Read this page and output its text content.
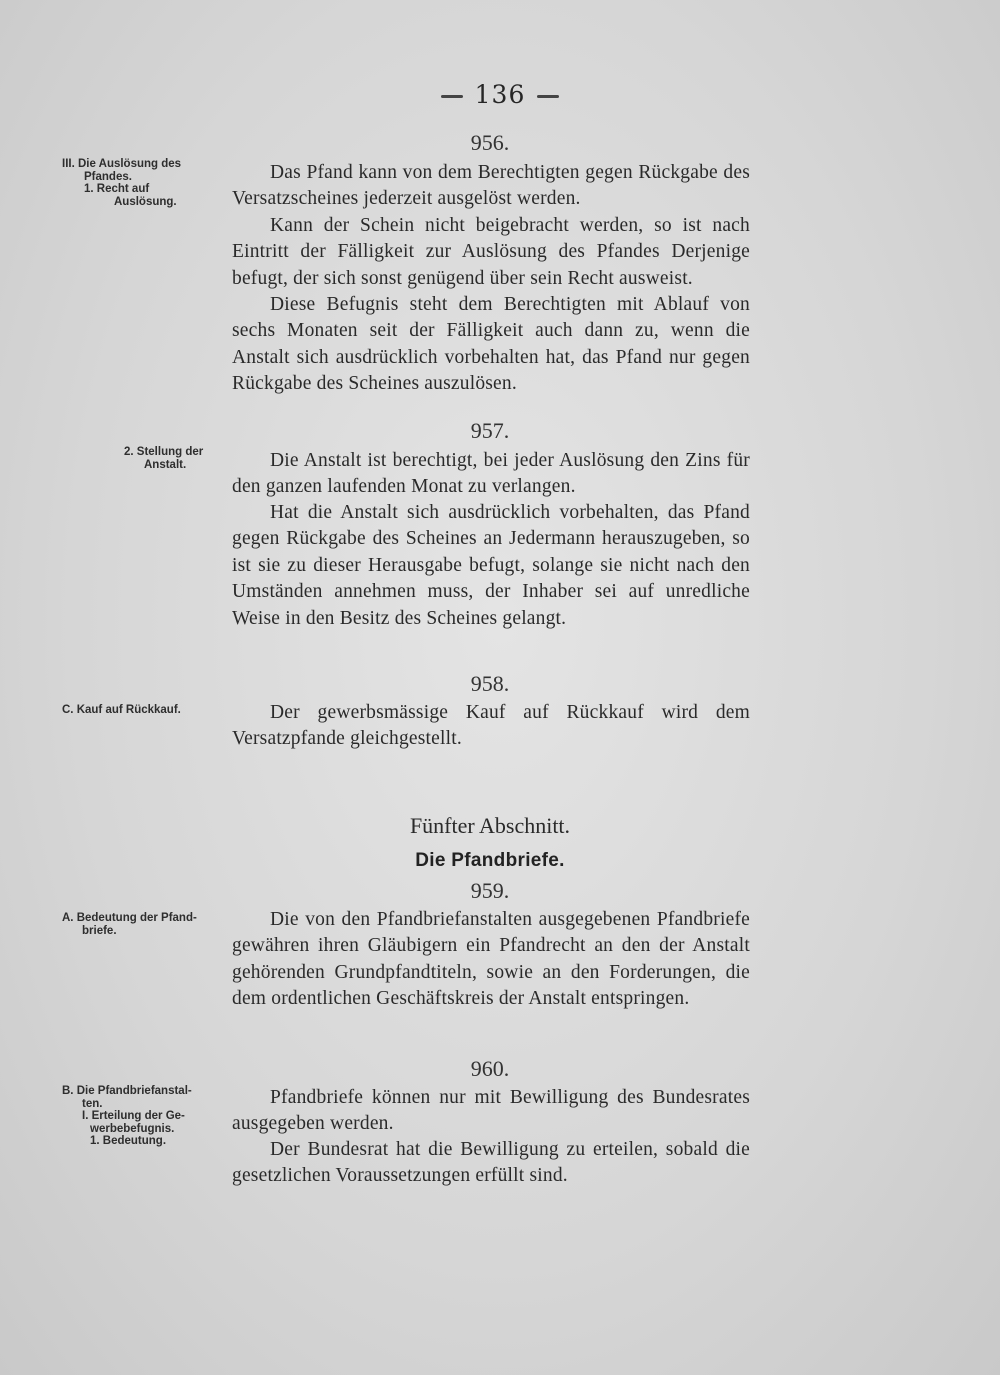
136
956.
III. Die Auslösung des
Pfandes.
1. Recht auf
Auslösung.
Das Pfand kann von dem Berechtigten gegen Rückgabe des Versatzscheines jederzeit ausgelöst werden.
Kann der Schein nicht beigebracht werden, so ist nach Eintritt der Fälligkeit zur Auslösung des Pfandes Derjenige befugt, der sich sonst genügend über sein Recht ausweist.
Diese Befugnis steht dem Berechtigten mit Ablauf von sechs Monaten seit der Fälligkeit auch dann zu, wenn die Anstalt sich ausdrücklich vorbehalten hat, das Pfand nur gegen Rückgabe des Scheines auszulösen.
957.
2. Stellung der
Anstalt.	Die Anstalt ist berechtigt, bei jeder Auslösung den Zins für den ganzen laufenden Monat zu verlangen.
Hat die Anstalt sich ausdrücklich vorbehalten, das Pfand gegen Rückgabe des Scheines an Jedermann herauszugeben, so ist sie zu dieser Herausgabe befugt, solange sie nicht nach den Umständen annehmen muss, der Inhaber sei auf unredliche Weise in den Besitz des Scheines gelangt.
958.
C. Kauf auf Rückkauf.	Der gewerbsmässige Kauf auf Rückkauf wird dem Versatzpfande gleichgestellt.
Fünfter Abschnitt.
Die Pfandbriefe.
959.
A. Bedeutung der Pfand-
briefe.
Die von den Pfandbriefanstalten ausgegebenen Pfandbriefe gewähren ihren Gläubigern ein Pfandrecht an den der Anstalt gehörenden Grundpfandtiteln, sowie an den Forderungen, die dem ordentlichen Geschäftskreis der Anstalt entspringen.
960.
B. Die Pfandbriefanstal-
ten.
I. Erteilung der Ge-
werbebefugnis.
1. Bedeutung.
Pfandbriefe können nur mit Bewilligung des Bundesrates ausgegeben werden.
Der Bundesrat hat die Bewilligung zu erteilen, sobald die gesetzlichen Voraussetzungen erfüllt sind.
